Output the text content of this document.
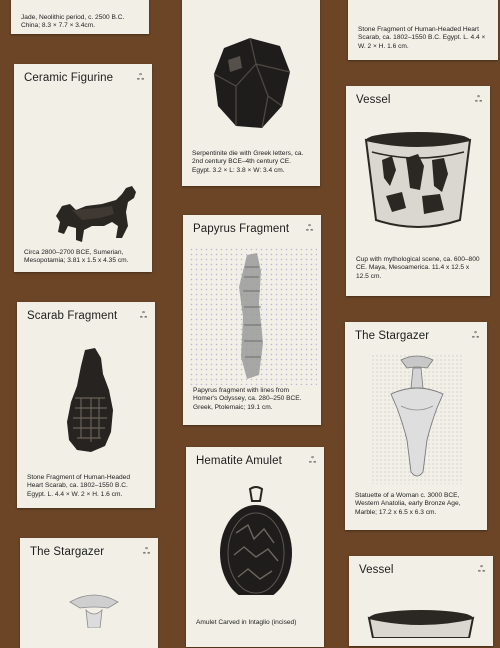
Jade, Neolithic period, c. 2500 B.C. China; 8.3 × 7.7 × 3.4cm.
Ceramic Figurine	ஃ
Circa 2800–2700 BCE, Sumerian, Mesopotamia; 3.81 x 1.5 x 4.35 cm.
Scarab Fragment	ஃ
Stone Fragment of Human-Headed Heart Scarab, ca. 1802–1550 B.C. Egypt. L. 4.4 × W. 2 × H. 1.6 cm.
The Stargazer	ஃ
Serpentinite die with Greek letters, ca. 2nd century BCE–4th century CE. Egypt. 3.2 × L: 3.8 × W: 3.4 cm.
Papyrus Fragment ஃ
Papyrus fragment with lines from Homer's Odyssey, ca. 280–250 BCE. Greek, Ptolemaic; 19.1 cm.
Hematite Amulet	ஃ
Amulet Carved in Intaglio (incised)
Stone Fragment of Human-Headed Heart Scarab, ca. 1802–1550 B.C. Egypt. L. 4.4 × W. 2 × H. 1.6 cm.
Vessel	ஃ
Cup with mythological scene, ca. 600–800 CE. Maya, Mesoamerica. 11.4 x 12.5 x 12.5 cm.
The Stargazer	ஃ
Statuette of a Woman c. 3000 BCE, Western Anatolia, early Bronze Age, Marble; 17.2 x 6.5 x 6.3 cm.
Vessel	ஃ
